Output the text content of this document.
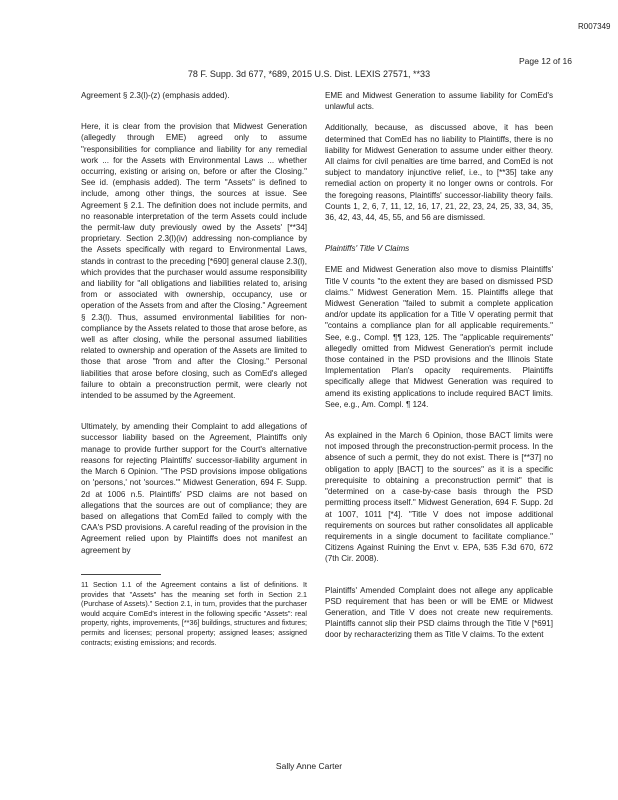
R007349
Page 12 of 16
78 F. Supp. 3d 677, *689, 2015 U.S. Dist. LEXIS 27571, **33

Agreement § 2.3(l)-(z) (emphasis added).

Here, it is clear from the provision that Midwest Generation (allegedly through EME) agreed only to assume "responsibilities for compliance and liability for any remedial work ... for the Assets with Environmental Laws ... whether occurring, existing or arising on, before or after the Closing." See id. (emphasis added). The term "Assets" is defined to include, among other things, the sources at issue. See Agreement § 2.1. The definition does not include permits, and no reasonable interpretation of the term Assets could include the permit-law duty previously owed by the Assets' [**34] proprietary. Section 2.3(l)(iv) addressing non-compliance by the Assets specifically with regard to Environmental Laws, stands in contrast to the preceding [*690] general clause 2.3(l), which provides that the purchaser would assume responsibility and liability for "all obligations and liabilities related to, arising from or associated with ownership, occupancy, use or operation of the Assets from and after the Closing." Agreement § 2.3(l). Thus, assumed environmental liabilities for non-compliance by the Assets related to those that arose before, as well as after closing, while the personal assumed liabilities related to ownership and operation of the Assets are limited to those that arose "from and after the Closing." Personal liabilities that arose before closing, such as ComEd's alleged failure to obtain a preconstruction permit, were clearly not intended to be assumed by the Agreement.

Ultimately, by amending their Complaint to add allegations of successor liability based on the Agreement, Plaintiffs only manage to provide further support for the Court's alternative reasons for rejecting Plaintiffs' successor-liability argument in the March 6 Opinion. "The PSD provisions impose obligations on 'persons,' not 'sources.'" Midwest Generation, 694 F. Supp. 2d at 1006 n.5. Plaintiffs' PSD claims are not based on allegations that the sources are out of compliance; they are based on allegations that ComEd failed to comply with the CAA's PSD provisions. A careful reading of the provision in the Agreement relied upon by Plaintiffs does not manifest an agreement by

EME and Midwest Generation to assume liability for ComEd's unlawful acts.

Additionally, because, as discussed above, it has been determined that ComEd has no liability to Plaintiffs, there is no liability for Midwest Generation to assume under either theory. All claims for civil penalties are time barred, and ComEd is not subject to mandatory injunctive relief, i.e., to [**35] take any remedial action on property it no longer owns or controls. For the foregoing reasons, Plaintiffs' successor-liability theory fails. Counts 1, 2, 6, 7, 11, 12, 16, 17, 21, 22, 23, 24, 25, 33, 34, 35, 36, 42, 43, 44, 45, 55, and 56 are dismissed.

Plaintiffs' Title V Claims

EME and Midwest Generation also move to dismiss Plaintiffs' Title V counts "to the extent they are based on dismissed PSD claims." Midwest Generation Mem. 15. Plaintiffs allege that Midwest Generation "failed to submit a complete application and/or update its application for a Title V operating permit that "contains a compliance plan for all applicable requirements." See, e.g., Compl. ¶¶ 123, 125. The "applicable requirements" allegedly omitted from Midwest Generation's permit include those contained in the PSD provisions and the Illinois State Implementation Plan's opacity requirements. Plaintiffs specifically allege that Midwest Generation was required to amend its existing applications to include required BACT limits. See, e.g., Am. Compl. ¶ 124.

As explained in the March 6 Opinion, those BACT limits were not imposed through the preconstruction-permit process. In the absence of such a permit, they do not exist. There is [**37] no obligation to apply [BACT] to the sources" as it is a specific prerequisite to obtaining a preconstruction permit" that is "determined on a case-by-case basis through the PSD permitting process itself." Midwest Generation, 694 F. Supp. 2d at 1007, 1011 [*4]. "Title V does not impose additional requirements on sources but rather consolidates all applicable requirements in a single document to facilitate compliance." Citizens Against Ruining the Envt v. EPA, 535 F.3d 670, 672 (7th Cir. 2008).

Plaintiffs' Amended Complaint does not allege any applicable PSD requirement that has been or will be EME or Midwest Generation, and Title V does not create new requirements. Plaintiffs cannot slip their PSD claims through the Title V [*691] door by recharacterizing them as Title V claims. To the extent

11 Section 1.1 of the Agreement contains a list of definitions. It provides that "Assets" has the meaning set forth in Section 2.1 (Purchase of Assets)." Section 2.1, in turn, provides that the purchaser would acquire ComEd's interest in the following specific "Assets": real property, rights, improvements, [**36] buildings, structures and fixtures; permits and licenses; personal property; assigned leases; assigned contracts; existing emissions; and records.
Sally Anne Carter
